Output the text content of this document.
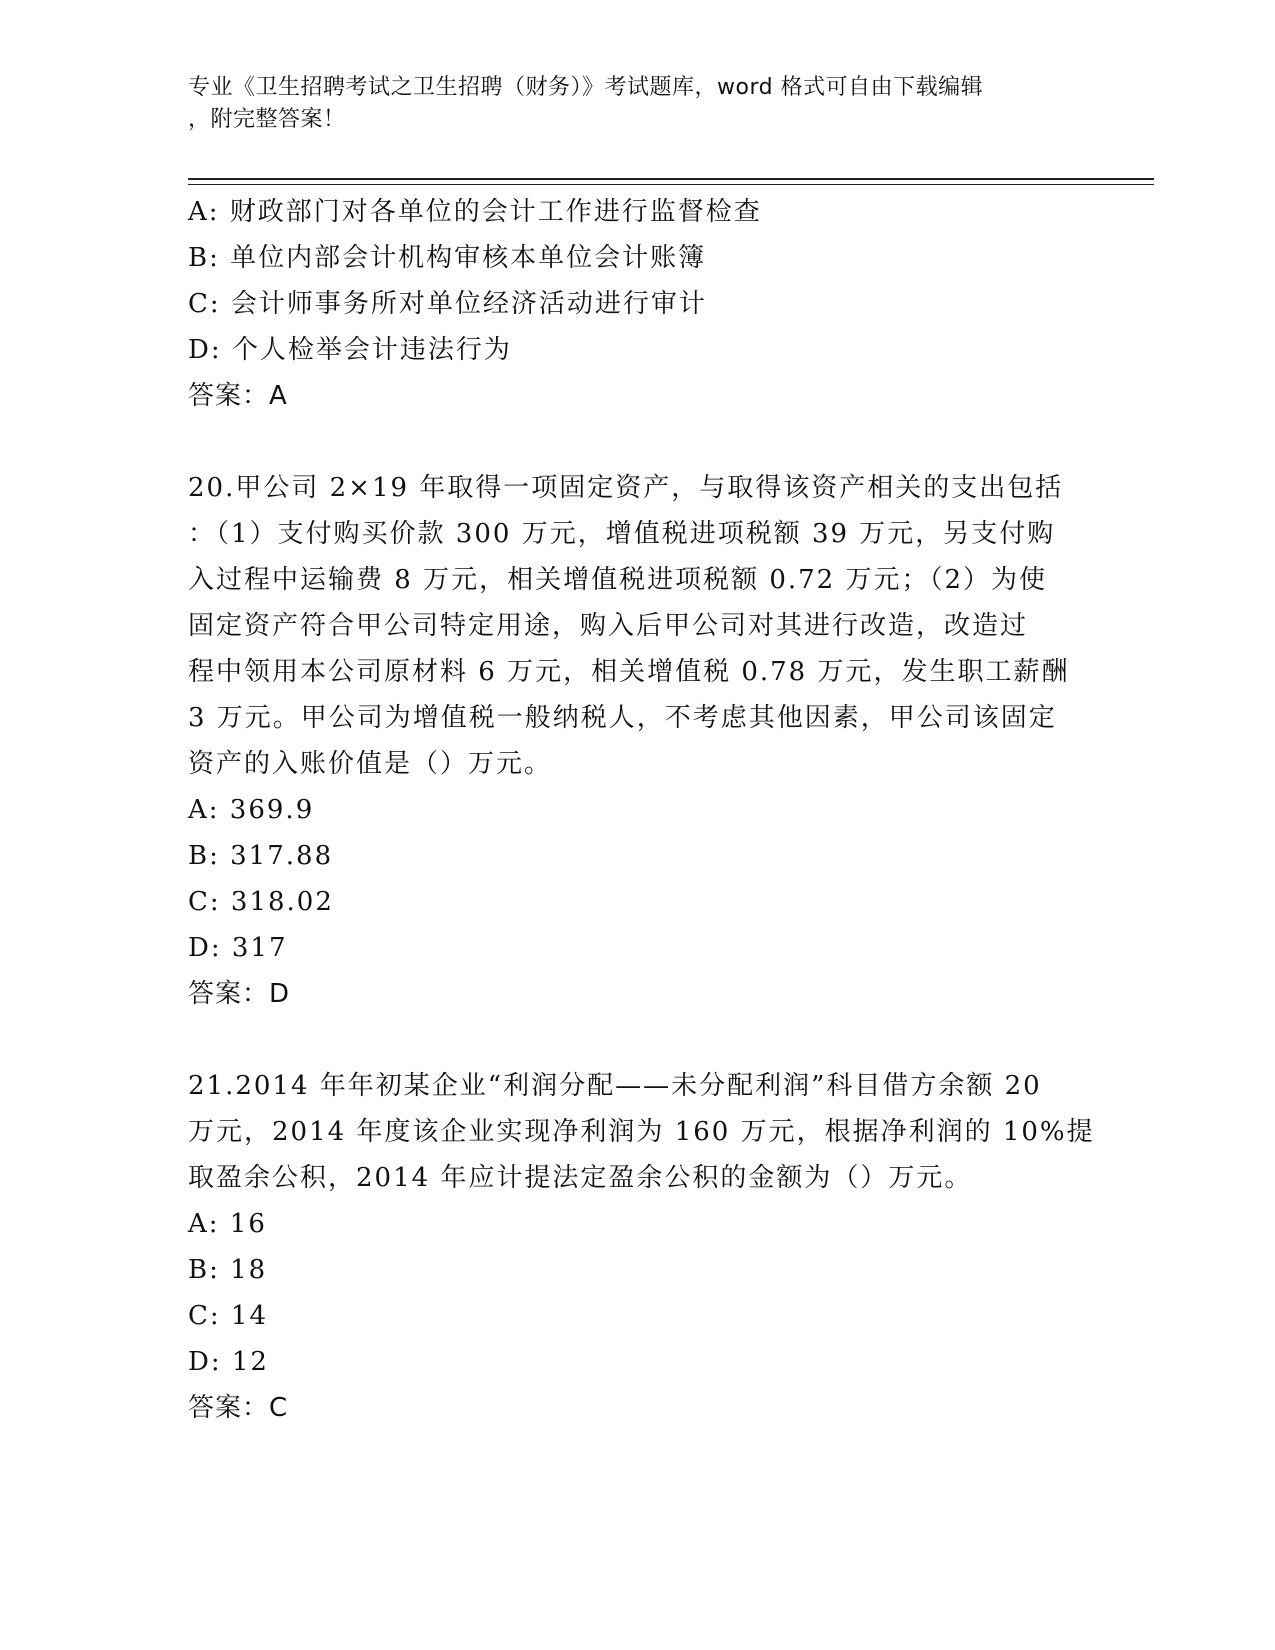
专业《卫生招聘考试之卫生招聘（财务）》考试题库，word 格式可自由下载编辑
，附完整答案！
A: 财政部门对各单位的会计工作进行监督检查
B: 单位内部会计机构审核本单位会计账簿
C: 会计师事务所对单位经济活动进行审计
D: 个人检举会计违法行为
答案：A
20.甲公司 2×19 年取得一项固定资产，与取得该资产相关的支出包括
：（1）支付购买价款 300 万元，增值税进项税额 39 万元，另支付购
入过程中运输费 8 万元，相关增值税进项税额 0.72 万元；（2）为使
固定资产符合甲公司特定用途，购入后甲公司对其进行改造，改造过
程中领用本公司原材料 6 万元，相关增值税 0.78 万元，发生职工薪酬
3 万元。甲公司为增值税一般纳税人，不考虑其他因素，甲公司该固定
资产的入账价值是（）万元。
A: 369.9
B: 317.88
C: 318.02
D: 317
答案：D
21.2014 年年初某企业“利润分配——未分配利润”科目借方余额 20
万元，2014 年度该企业实现净利润为 160 万元，根据净利润的 10%提
取盈余公积，2014 年应计提法定盈余公积的金额为（）万元。
A: 16
B: 18
C: 14
D: 12
答案：C
